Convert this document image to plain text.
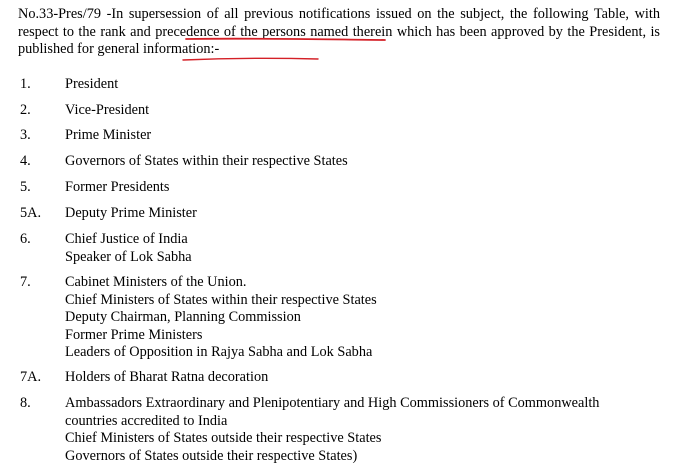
No.33-Pres/79 -In supersession of all previous notifications issued on the subject, the following Table, with respect to the rank and precedence of the persons named therein which has been approved by the President, is published for general information:-

1. President
2. Vice-President
3. Prime Minister
4. Governors of States within their respective States
5. Former Presidents
5A. Deputy Prime Minister
6. Chief Justice of India
Speaker of Lok Sabha
7. Cabinet Ministers of the Union.
Chief Ministers of States within their respective States
Deputy Chairman, Planning Commission
Former Prime Ministers
Leaders of Opposition in Rajya Sabha and Lok Sabha
7A. Holders of Bharat Ratna decoration
8. Ambassadors Extraordinary and Plenipotentiary and High Commissioners of Commonwealth
countries accredited to India
Chief Ministers of States outside their respective States
Governors of States outside their respective States)
